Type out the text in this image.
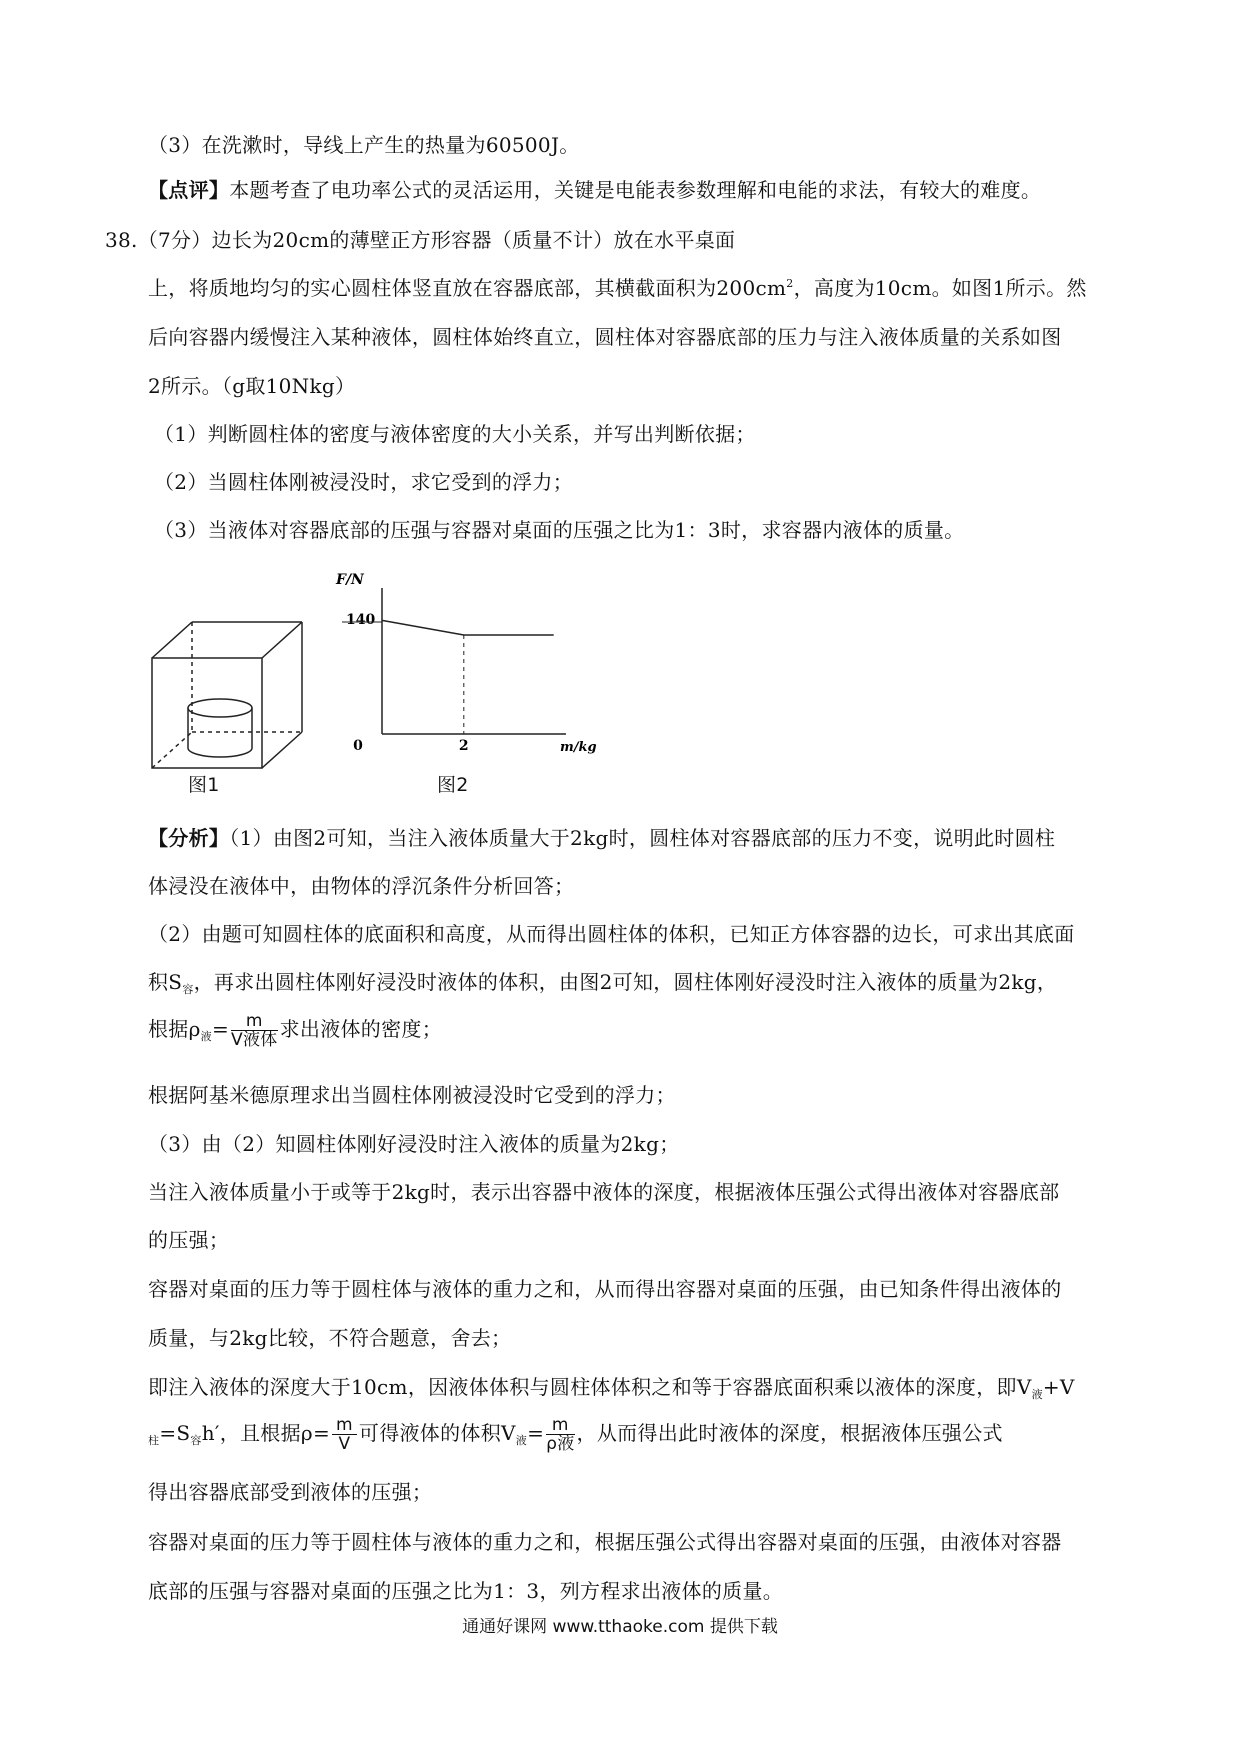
（3）在洗漱时，导线上产生的热量为60500J。
【点评】本题考查了电功率公式的灵活运用，关键是电能表参数理解和电能的求法，有较大的难度。
38.（7分）边长为20cm的薄壁正方形容器（质量不计）放在水平桌面
上，将质地均匀的实心圆柱体竖直放在容器底部，其横截面积为$200cm^2$，高度为10cm。如图1所示。然
后向容器内缓慢注入某种液体，圆柱体始终直立，圆柱体对容器底部的压力与注入液体质量的关系如图
2所示。（g取10Nkg）
（1）判断圆柱体的密度与液体密度的大小关系，并写出判断依据；
（2）当圆柱体刚被浸没时，求它受到的浮力；
（3）当液体对容器底部的压强与容器对桌面的压强之比为1：3时，求容器内液体的质量。
图1
F/N
m/kg
140
0	2
图2
【分析】（1）由图2可知，当注入液体质量大于2kg时，圆柱体对容器底部的压力不变，说明此时圆柱
体浸没在液体中，由物体的浮沉条件分析回答；
（2）由题可知圆柱体的底面积和高度，从而得出圆柱体的体积，已知正方体容器的边长，可求出其底面
积$S_容$，再求出圆柱体刚好浸没时液体的体积，由图2可知，圆柱体刚好浸没时注入液体的质量为2kg，
根据$\rho_液= \frac{m}{\text{V液体}}$ 求出液体的密度；
根据阿基米德原理求出当圆柱体刚被浸没时它受到的浮力；
（3）由（2）知圆柱体刚好浸没时注入液体的质量为2kg；
当注入液体质量小于或等于2kg时，表示出容器中液体的深度，根据液体压强公式得出液体对容器底部
的压强；
容器对桌面的压力等于圆柱体与液体的重力之和，从而得出容器对桌面的压强，由已知条件得出液体的
质量，与2kg比较，不符合题意，舍去；
即注入液体的深度大于10cm，因液体体积与圆柱体体积之和等于容器底面积乘以液体的深度，即$V_液+V$
$_柱=S_容h'$，且根据$\rho= \frac{m}{V}$ 可得液体的体积$V_液= \frac{m}{\text{ρ液}}$ ，从而得出此时液体的深度，根据液体压强公式
得出容器底部受到液体的压强；
容器对桌面的压力等于圆柱体与液体的重力之和，根据压强公式得出容器对桌面的压强，由液体对容器
底部的压强与容器对桌面的压强之比为1：3，列方程求出液体的质量。
通通好课网 www.tthaoke.com 提供下载
